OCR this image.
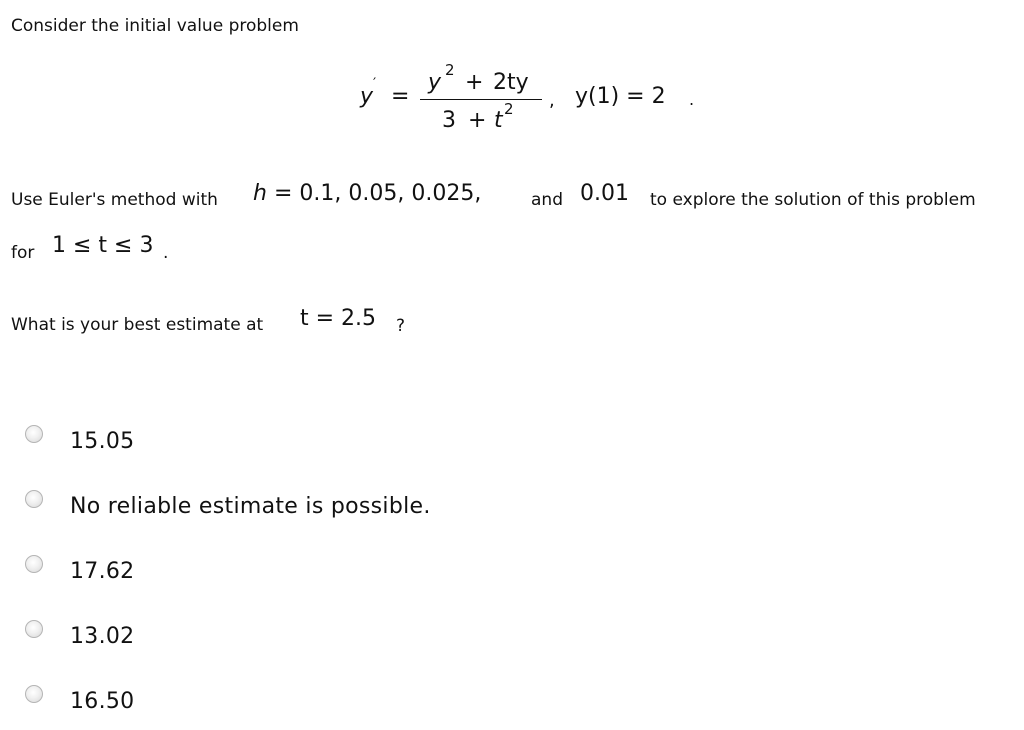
Consider the initial value problem
y ′ =
y 2 + 2ty
3 + t 2 , y(1) = 2 .
Use Euler's method with h = 0.1, 0.05, 0.025,	and 0.01 to explore the solution of this problem
for 1 ≤ t ≤ 3 .
What is your best estimate at t = 2.5 ?
15.05
No reliable estimate is possible.
17.62
13.02
16.50
